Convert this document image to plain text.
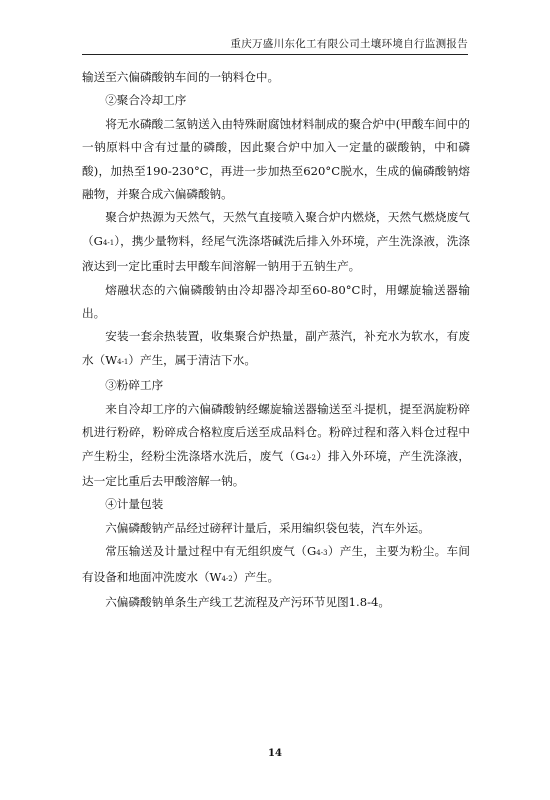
重庆万盛川东化工有限公司土壤环境自行监测报告

输送至六偏磷酸钠车间的一钠料仓中。

②聚合冷却工序

将无水磷酸二氢钠送入由特殊耐腐蚀材料制成的聚合炉中(甲酸车间中的一钠原料中含有过量的磷酸，因此聚合炉中加入一定量的碳酸钠，中和磷酸)，加热至190-230°C，再进一步加热至620°C脱水，生成的偏磷酸钠熔融物，并聚合成六偏磷酸钠。

聚合炉热源为天然气，天然气直接喷入聚合炉内燃烧，天然气燃烧废气（G4-1），携少量物料，经尾气洗涤塔碱洗后排入外环境，产生洗涤液，洗涤液达到一定比重时去甲酸车间溶解一钠用于五钠生产。

熔融状态的六偏磷酸钠由冷却器冷却至60-80°C时，用螺旋输送器输出。

安装一套余热装置，收集聚合炉热量，副产蒸汽，补充水为软水，有废水（W4-1）产生，属于清洁下水。

③粉碎工序

来自冷却工序的六偏磷酸钠经螺旋输送器输送至斗提机，提至涡旋粉碎机进行粉碎，粉碎成合格粒度后送至成品料仓。粉碎过程和落入料仓过程中产生粉尘，经粉尘洗涤塔水洗后，废气（G4-2）排入外环境，产生洗涤液，达一定比重后去甲酸溶解一钠。

④计量包装

六偏磷酸钠产品经过磅秤计量后，采用编织袋包装，汽车外运。

常压输送及计量过程中有无组织废气（G4-3）产生，主要为粉尘。车间有设备和地面冲洗废水（W4-2）产生。

六偏磷酸钠单条生产线工艺流程及产污环节见图1.8-4。

14
